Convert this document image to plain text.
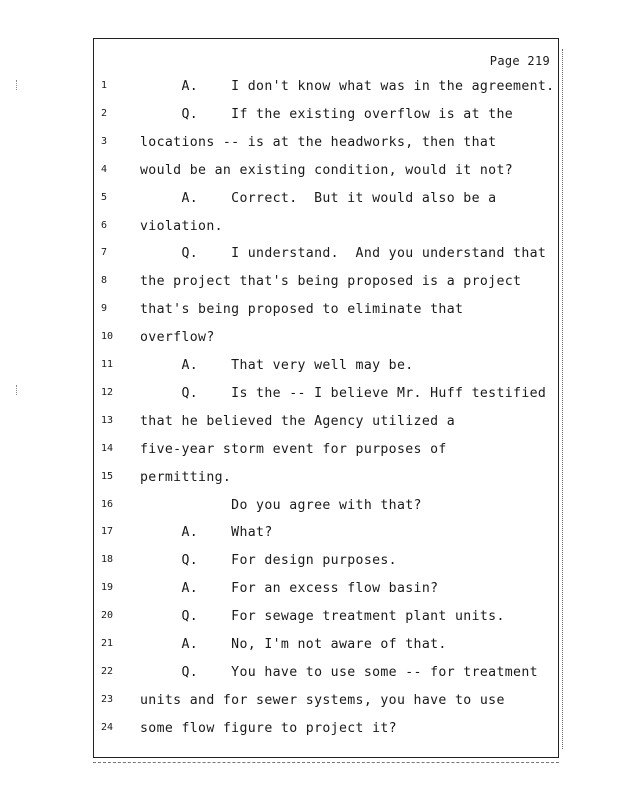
Page 219
1	A.    I don't know what was in the agreement.
2	Q.    If the existing overflow is at the
3	locations -- is at the headworks, then that
4	would be an existing condition, would it not?
5	A.    Correct.  But it would also be a
6	violation.
7	Q.    I understand.  And you understand that
8	the project that's being proposed is a project
9	that's being proposed to eliminate that
10	overflow?
11	A.    That very well may be.
12	Q.    Is the -- I believe Mr. Huff testified
13	that he believed the Agency utilized a
14	five-year storm event for purposes of
15	permitting.
16	Do you agree with that?
17	A.    What?
18	Q.    For design purposes.
19	A.    For an excess flow basin?
20	Q.    For sewage treatment plant units.
21	A.    No, I'm not aware of that.
22	Q.    You have to use some -- for treatment
23	units and for sewer systems, you have to use
24	some flow figure to project it?
